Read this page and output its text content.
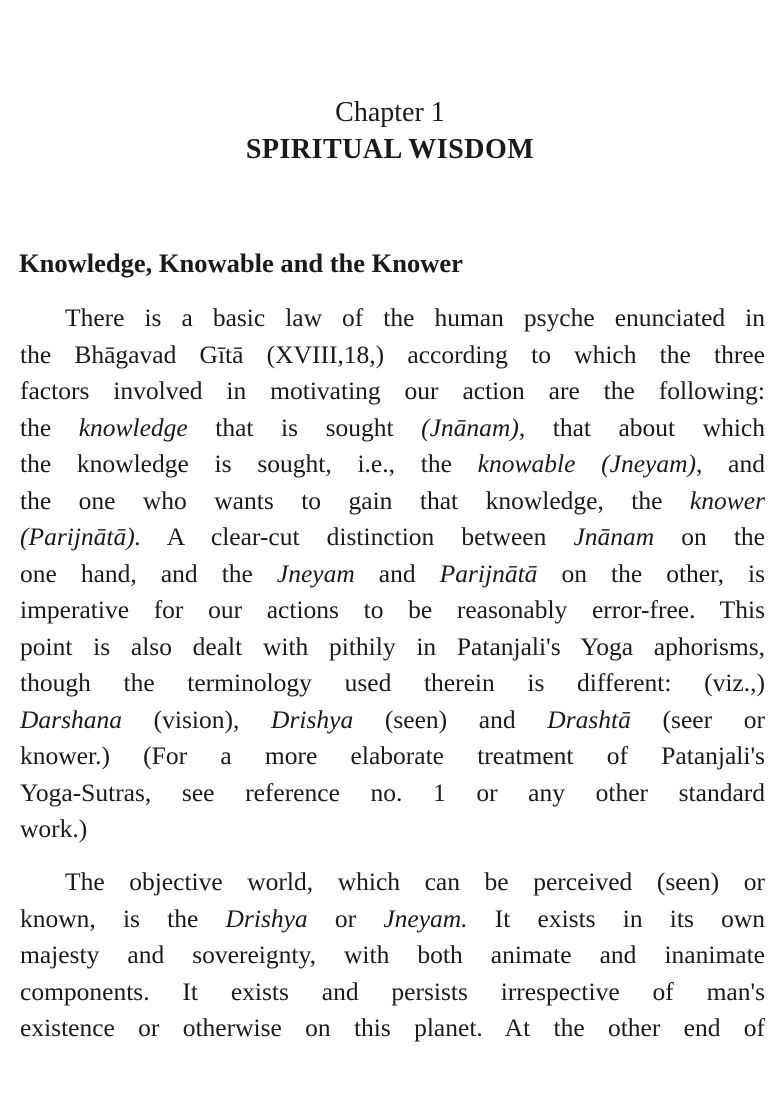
Chapter 1
SPIRITUAL WISDOM
Knowledge, Knowable and the Knower
There is a basic law of the human psyche enunciated in
the Bhāgavad Gītā (XVIII,18,) according to which the three
factors involved in motivating our action are the following:
the knowledge that is sought (Jnānam), that about which
the knowledge is sought, i.e., the knowable (Jneyam), and
the one who wants to gain that knowledge, the knower
(Parijnātā). A clear-cut distinction between Jnānam on the
one hand, and the Jneyam and Parijnātā on the other, is
imperative for our actions to be reasonably error-free. This
point is also dealt with pithily in Patanjali's Yoga aphorisms,
though the terminology used therein is different: (viz.,)
Darshana (vision), Drishya (seen) and Drashtā (seer or
knower.) (For a more elaborate treatment of Patanjali's
Yoga-Sutras, see reference no. 1 or any other standard
work.)
The objective world, which can be perceived (seen) or
known, is the Drishya or Jneyam. It exists in its own
majesty and sovereignty, with both animate and inanimate
components. It exists and persists irrespective of man's
existence or otherwise on this planet. At the other end of
